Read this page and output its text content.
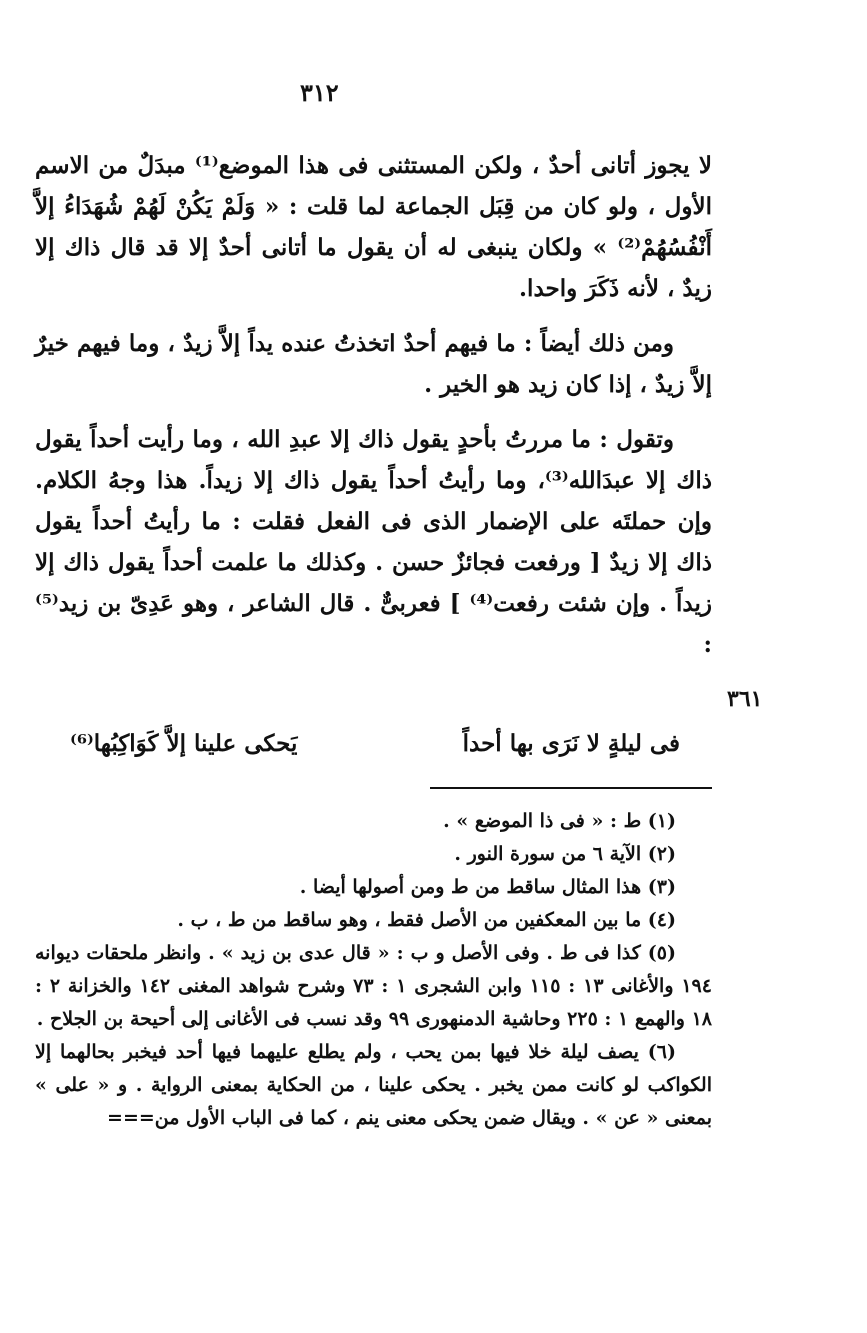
٣١٢

لا يجوز أتانى أحدٌ ، ولكن المستثنى فى هذا الموضع⁽¹⁾ مبدَلٌ من الاسم الأول ، ولو كان من قِبَل الجماعة لما قلت : « وَلَمْ يَكُنْ لَهُمْ شُهَدَاءُ إلاَّ أَنْفُسُهُمْ⁽²⁾ » ولكان ينبغى له أن يقول ما أتانى أحدٌ إلا قد قال ذاك إلا زيدٌ ، لأنه ذَكَرَ واحدا.

ومن ذلك أيضاً : ما فيهم أحدٌ اتخذتُ عنده يداً إلاَّ زيدٌ ، وما فيهم خيرٌ إلاَّ زيدٌ ، إذا كان زيد هو الخير .

وتقول : ما مررتُ بأحدٍ يقول ذاك إلا عبدِ الله ، وما رأيت أحداً يقول ذاك إلا عبدَالله⁽³⁾، وما رأيتُ أحداً يقول ذاك إلا زيداً. هذا وجهُ الكلام. وإن حملتَه على الإضمار الذى فى الفعل فقلت : ما رأيتُ أحداً يقول ذاك إلا زيدٌ [ ورفعت فجائزٌ حسن . وكذلك ما علمت أحداً يقول ذاك إلا زيداً . وإن شئت رفعت⁽⁴⁾ ] فعربىٌّ . قال الشاعر ، وهو عَدِىّ بن زيد⁽⁵⁾ :

٣٦١
فى ليلةٍ لا نَرَى بها أحداً
يَحكى علينا إلاَّ كَوَاكِبُها⁽⁶⁾

(١) ط : « فى ذا الموضع » .

(٢) الآية ٦ من سورة النور .

(٣) هذا المثال ساقط من ط ومن أصولها أيضا .

(٤) ما بين المعكفين من الأصل فقط ، وهو ساقط من ط ، ب .

(٥) كذا فى ط . وفى الأصل و ب : « قال عدى بن زيد » . وانظر ملحقات ديوانه ١٩٤ والأغانى ١٣ : ١١٥ وابن الشجرى ١ : ٧٣ وشرح شواهد المغنى ١٤٢ والخزانة ٢ : ١٨ والهمع ١ : ٢٢٥ وحاشية الدمنهورى ٩٩ وقد نسب فى الأغانى إلى أحيحة بن الجلاح .

(٦) يصف ليلة خلا فيها بمن يحب ، ولم يطلع عليهما فيها أحد فيخبر بحالهما إلا الكواكب لو كانت ممن يخبر . يحكى علينا ، من الحكاية بمعنى الرواية . و « على » بمعنى « عن » . ويقال ضمن يحكى معنى ينم ، كما فى الباب الأول من===
